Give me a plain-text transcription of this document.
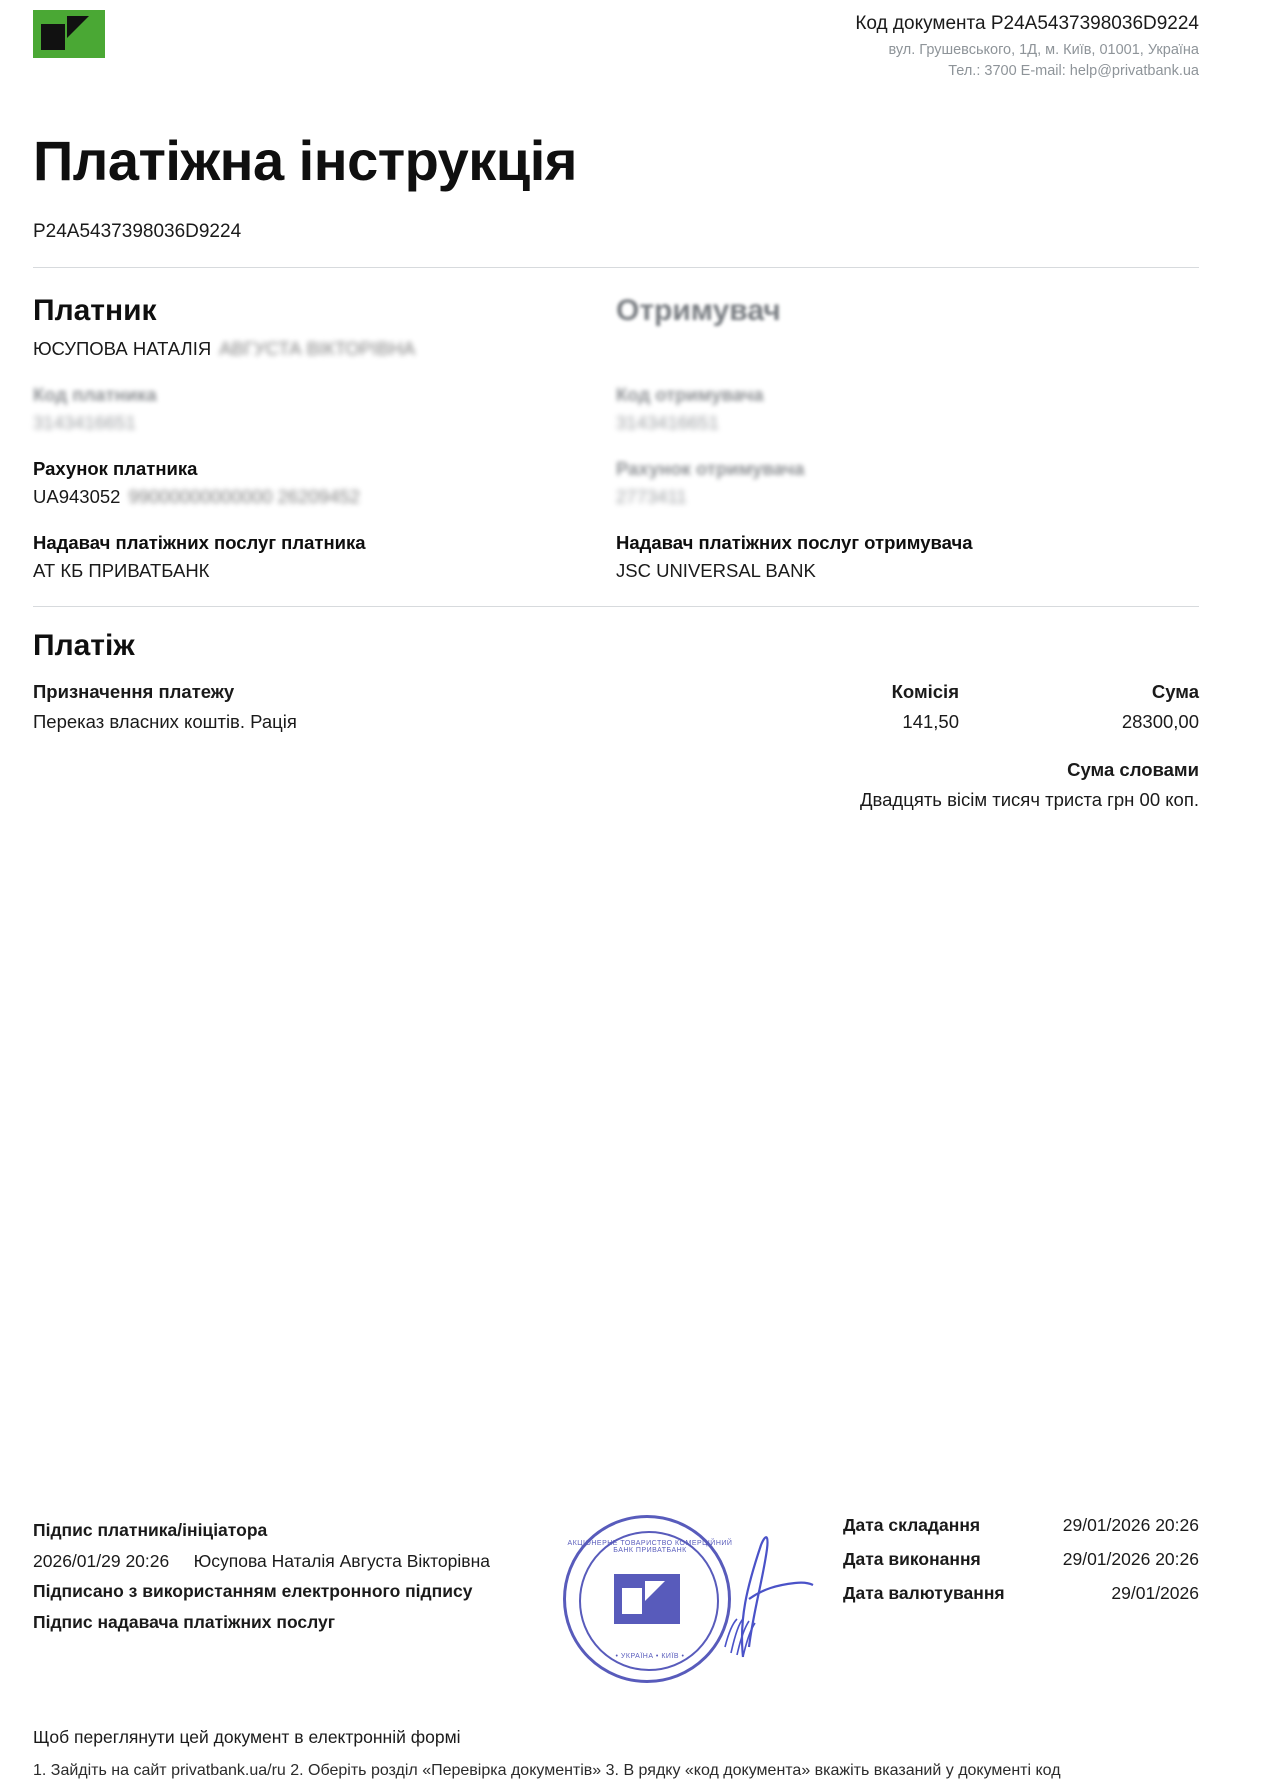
Код документа P24A5437398036D9224
вул. Грушевського, 1Д, м. Київ, 01001, Україна
Тел.: 3700 E-mail: help@privatbank.ua
Платіжна інструкція
P24A5437398036D9224
Платник
ЮСУПОВА НАТАЛІЯ АВГУСТА ВІКТОРІВНА
Код платника
3143416651
Рахунок платника
UA943052 99000000000000 26209452
Надавач платіжних послуг платника
АТ КБ ПРИВАТБАНК
Отримувач
Код отримувача
3143416651
Рахунок отримувача
2773411
Надавач платіжних послуг отримувача
JSC UNIVERSAL BANK
Платіж
Призначення платежу	Комісія	Сума
Переказ власних коштів. Рація	141,50	28300,00
Сума словами
Двадцять вісім тисяч триста грн 00 коп.
Підпис платника/ініціатора
2026/01/29 20:26 Юсупова Наталія Августа Вікторівна
Підписано з використанням електронного підпису
Підпис надавача платіжних послуг
АКЦІОНЕРНЕ ТОВАРИСТВО КОМЕРЦІЙНИЙ БАНК ПРИВАТБАНК
• УКРАЇНА • КИЇВ •
Дата складання	29/01/2026 20:26
Дата виконання	29/01/2026 20:26
Дата валютування	29/01/2026
Щоб переглянути цей документ в електронній формі
1. Зайдіть на сайт privatbank.ua/ru 2. Оберіть розділ «Перевірка документів» 3. В рядку «код документа» вкажіть вказаний у документі код
